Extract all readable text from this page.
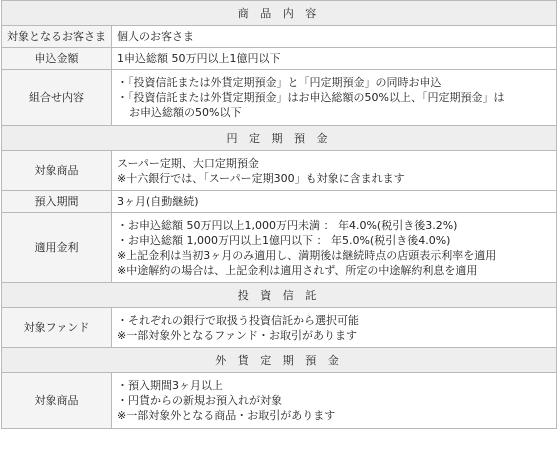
商 品 内 容	
対象となるお客さま	個人のお客さま

申込金額	1申込総額 50万円以上1億円以下

組合せ内容	・「投資信託または外貨定期預金」と「円定期預金」の同時お申込
・「投資信託または外貨定期預金」はお申込総額の50%以上、「円定期預金」は
お申込総額の50%以下

円 定 期 預 金	
対象商品	スーパー定期、大口定期預金
※十六銀行では、「スーパー定期300」も対象に含まれます

預入期間	3ヶ月(自動継続)

適用金利	・お申込総額 50万円以上1,000万円未満 ： 年4.0%(税引き後3.2%)
・お申込総額 1,000万円以上1億円以下 ： 年5.0%(税引き後4.0%)
※上記金利は当初3ヶ月のみ適用し、満期後は継続時点の店頭表示利率を適用
※中途解約の場合は、上記金利は適用されず、所定の中途解約利息を適用

投 資 信 託	
対象ファンド	・それぞれの銀行で取扱う投資信託から選択可能
※一部対象外となるファンド・お取引があります

外 貨 定 期 預 金	
対象商品	・預入期間3ヶ月以上
・円貨からの新規お預入れが対象
※一部対象外となる商品・お取引があります
